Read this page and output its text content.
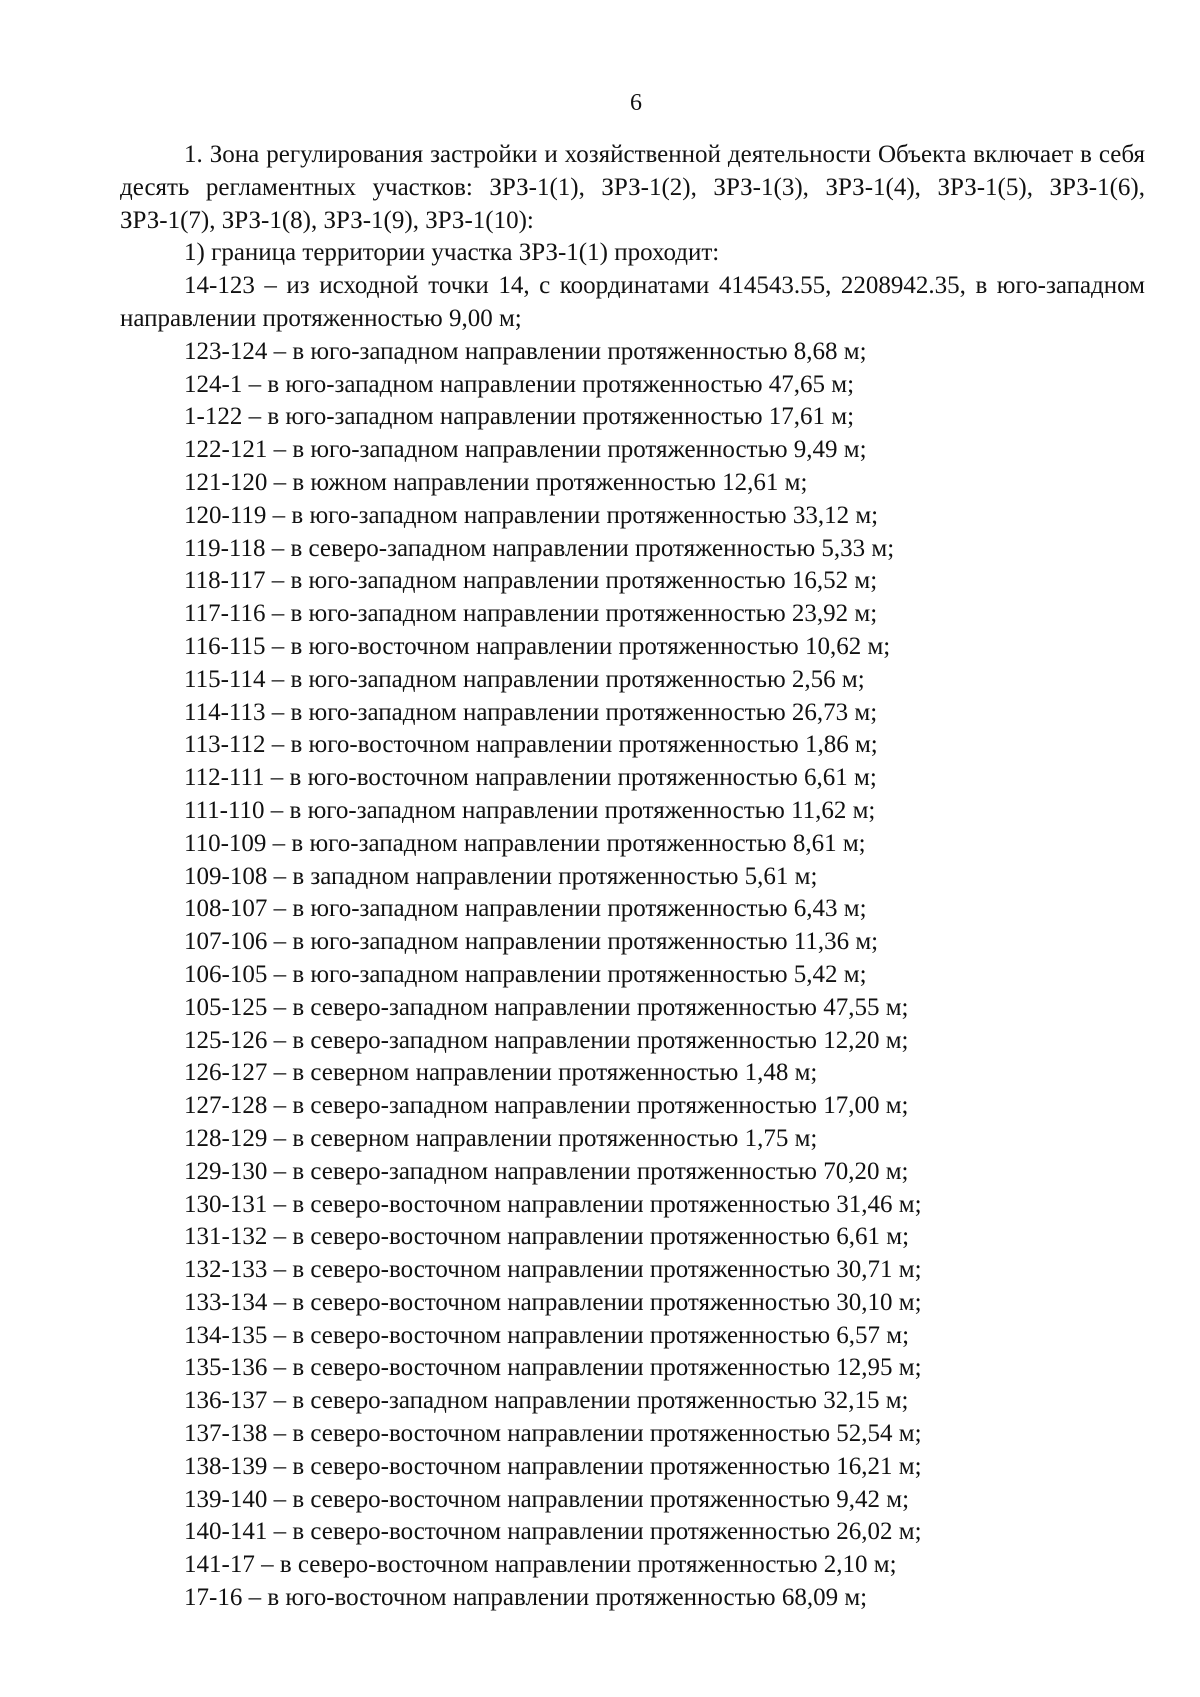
6

1. Зона регулирования застройки и хозяйственной деятельности Объекта включает в себя десять регламентных участков: ЗРЗ-1(1), ЗРЗ-1(2), ЗРЗ-1(3), ЗРЗ-1(4), ЗРЗ-1(5), ЗРЗ-1(6), ЗРЗ-1(7), ЗРЗ-1(8), ЗРЗ-1(9), ЗРЗ-1(10):

1) граница территории участка ЗРЗ-1(1) проходит:

14-123 – из исходной точки 14, с координатами 414543.55, 2208942.35, в юго-западном направлении протяженностью 9,00 м;

123-124 – в юго-западном направлении протяженностью 8,68 м;
124-1 – в юго-западном направлении протяженностью 47,65 м;
1-122 – в юго-западном направлении протяженностью 17,61 м;
122-121 – в юго-западном направлении протяженностью 9,49 м;
121-120 – в южном направлении протяженностью 12,61 м;
120-119 – в юго-западном направлении протяженностью 33,12 м;
119-118 – в северо-западном направлении протяженностью 5,33 м;
118-117 – в юго-западном направлении протяженностью 16,52 м;
117-116 – в юго-западном направлении протяженностью 23,92 м;
116-115 – в юго-восточном направлении протяженностью 10,62 м;
115-114 – в юго-западном направлении протяженностью 2,56 м;
114-113 – в юго-западном направлении протяженностью 26,73 м;
113-112 – в юго-восточном направлении протяженностью 1,86 м;
112-111 – в юго-восточном направлении протяженностью 6,61 м;
111-110 – в юго-западном направлении протяженностью 11,62 м;
110-109 – в юго-западном направлении протяженностью 8,61 м;
109-108 – в западном направлении протяженностью 5,61 м;
108-107 – в юго-западном направлении протяженностью 6,43 м;
107-106 – в юго-западном направлении протяженностью 11,36 м;
106-105 – в юго-западном направлении протяженностью 5,42 м;
105-125 – в северо-западном направлении протяженностью 47,55 м;
125-126 – в северо-западном направлении протяженностью 12,20 м;
126-127 – в северном направлении протяженностью 1,48 м;
127-128 – в северо-западном направлении протяженностью 17,00 м;
128-129 – в северном направлении протяженностью 1,75 м;
129-130 – в северо-западном направлении протяженностью 70,20 м;
130-131 – в северо-восточном направлении протяженностью 31,46 м;
131-132 – в северо-восточном направлении протяженностью 6,61 м;
132-133 – в северо-восточном направлении протяженностью 30,71 м;
133-134 – в северо-восточном направлении протяженностью 30,10 м;
134-135 – в северо-восточном направлении протяженностью 6,57 м;
135-136 – в северо-восточном направлении протяженностью 12,95 м;
136-137 – в северо-западном направлении протяженностью 32,15 м;
137-138 – в северо-восточном направлении протяженностью 52,54 м;
138-139 – в северо-восточном направлении протяженностью 16,21 м;
139-140 – в северо-восточном направлении протяженностью 9,42 м;
140-141 – в северо-восточном направлении протяженностью 26,02 м;
141-17 – в северо-восточном направлении протяженностью 2,10 м;
17-16 – в юго-восточном направлении протяженностью 68,09 м;
